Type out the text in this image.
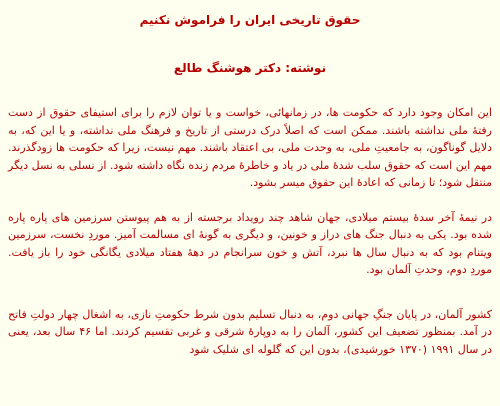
حقوق تاریخی ایران را فراموش نکنیم

نوشته: دکتر هوشنگ طالع

این امکان وجود دارد که حکومت ها، در زمانهائی، خواست و یا توان لازم را برای استیفای حقوق از دست رفتهٔ ملی نداشته باشند. ممکن است که اصلاً درک درستی از تاریخ و فرهنگ ملی نداشته، و یا این که، به دلایل گوناگون، به جامعیتِ ملی، به وحدت ملی، بی اعتقاد باشند. مهم نیست، زیرا که حکومت ها زودگذرند. مهم این است که حقوق سلب شدهٔ ملی در یاد و خاطرهٔ مردم زنده نگاه داشته شود. از نسلی به نسل دیگر منتقل شود؛ تا زمانی که اعادهٔ این حقوق میسر بشود.

در نیمهٔ آخر سدهٔ بیستم میلادی، جهان شاهد چند رویداد برجسته از به هم پیوستن سرزمین های پاره پاره شده بود. یکی به دنبال جنگ های دراز و خونین، و دیگری به گونهٔ ای مسالمت آمیز. موردِ نخست، سرزمین ویتنام بود که به دنبال سال ها نبرد، آتش و خون سرانجام در دههٔ هفتاد میلادی یگانگی خود را باز یافت. موردِ دوم، وحدتِ آلمان بود.

کشور آلمان، در پایان جنگِ جهانی دوم، به دنبال تسلیم بدون شرط حکومتِ نازی، به اشغال چهار دولتِ فاتح در آمد. بمنظور تضعیف این کشور، آلمان را به دوپارهٔ شرقی و غربی تقسیم کردند. اما ۴۶ سال بعد، یعنی در سال ۱۹۹۱ (۱۳۷۰ خورشیدی)، بدون این که گلوله ای شلیک شود
